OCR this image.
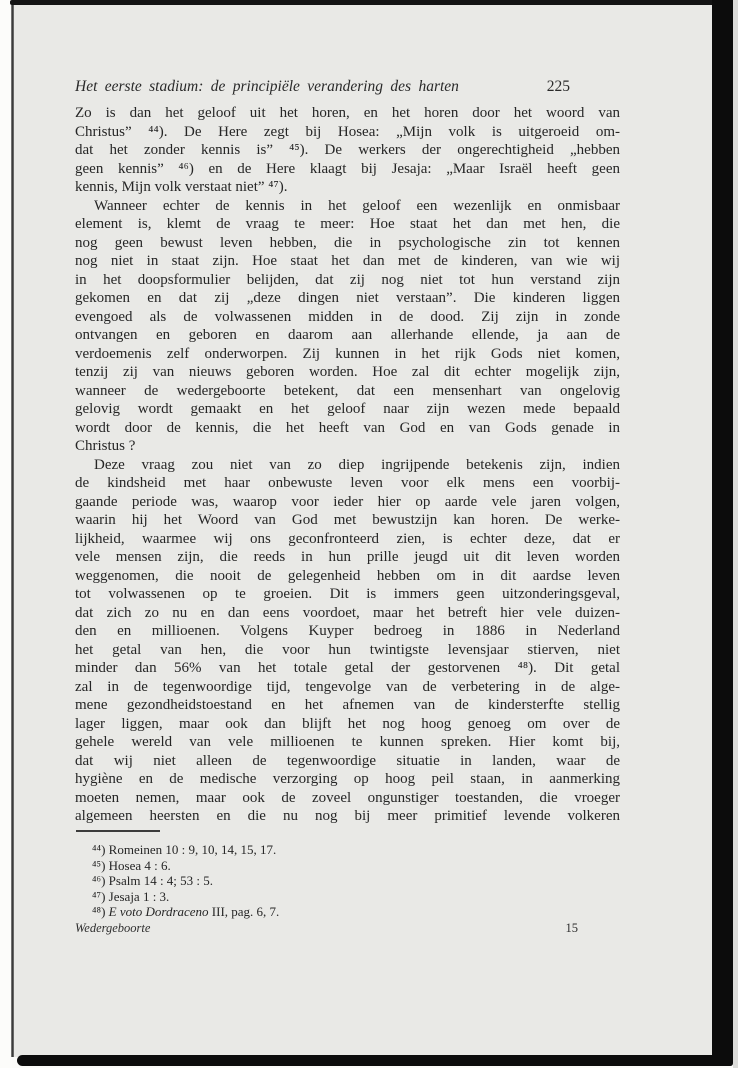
Het eerste stadium: de principiële verandering des harten	225
Zo is dan het geloof uit het horen, en het horen door het woord van
Christus” ⁴⁴). De Here zegt bij Hosea: „Mijn volk is uitgeroeid om-
dat het zonder kennis is” ⁴⁵). De werkers der ongerechtigheid „hebben
geen kennis” ⁴⁶) en de Here klaagt bij Jesaja: „Maar Israël heeft geen
kennis, Mijn volk verstaat niet” ⁴⁷).
Wanneer echter de kennis in het geloof een wezenlijk en onmisbaar
element is, klemt de vraag te meer: Hoe staat het dan met hen, die
nog geen bewust leven hebben, die in psychologische zin tot kennen
nog niet in staat zijn. Hoe staat het dan met de kinderen, van wie wij
in het doopsformulier belijden, dat zij nog niet tot hun verstand zijn
gekomen en dat zij „deze dingen niet verstaan”. Die kinderen liggen
evengoed als de volwassenen midden in de dood. Zij zijn in zonde
ontvangen en geboren en daarom aan allerhande ellende, ja aan de
verdoemenis zelf onderworpen. Zij kunnen in het rijk Gods niet komen,
tenzij zij van nieuws geboren worden. Hoe zal dit echter mogelijk zijn,
wanneer de wedergeboorte betekent, dat een mensenhart van ongelovig
gelovig wordt gemaakt en het geloof naar zijn wezen mede bepaald
wordt door de kennis, die het heeft van God en van Gods genade in
Christus ?
Deze vraag zou niet van zo diep ingrijpende betekenis zijn, indien
de kindsheid met haar onbewuste leven voor elk mens een voorbij-
gaande periode was, waarop voor ieder hier op aarde vele jaren volgen,
waarin hij het Woord van God met bewustzijn kan horen. De werke-
lijkheid, waarmee wij ons geconfronteerd zien, is echter deze, dat er
vele mensen zijn, die reeds in hun prille jeugd uit dit leven worden
weggenomen, die nooit de gelegenheid hebben om in dit aardse leven
tot volwassenen op te groeien. Dit is immers geen uitzonderingsgeval,
dat zich zo nu en dan eens voordoet, maar het betreft hier vele duizen-
den en millioenen. Volgens Kuyper bedroeg in 1886 in Nederland
het getal van hen, die voor hun twintigste levensjaar stierven, niet
minder dan 56% van het totale getal der gestorvenen ⁴⁸). Dit getal
zal in de tegenwoordige tijd, tengevolge van de verbetering in de alge-
mene gezondheidstoestand en het afnemen van de kindersterfte stellig
lager liggen, maar ook dan blijft het nog hoog genoeg om over de
gehele wereld van vele millioenen te kunnen spreken. Hier komt bij,
dat wij niet alleen de tegenwoordige situatie in landen, waar de
hygiène en de medische verzorging op hoog peil staan, in aanmerking
moeten nemen, maar ook de zoveel ongunstiger toestanden, die vroeger
algemeen heersten en die nu nog bij meer primitief levende volkeren
⁴⁴) Romeinen 10 : 9, 10, 14, 15, 17.
⁴⁵) Hosea 4 : 6.
⁴⁶) Psalm 14 : 4; 53 : 5.
⁴⁷) Jesaja 1 : 3.
⁴⁸) E voto Dordraceno III, pag. 6, 7.
Wedergeboorte	15
